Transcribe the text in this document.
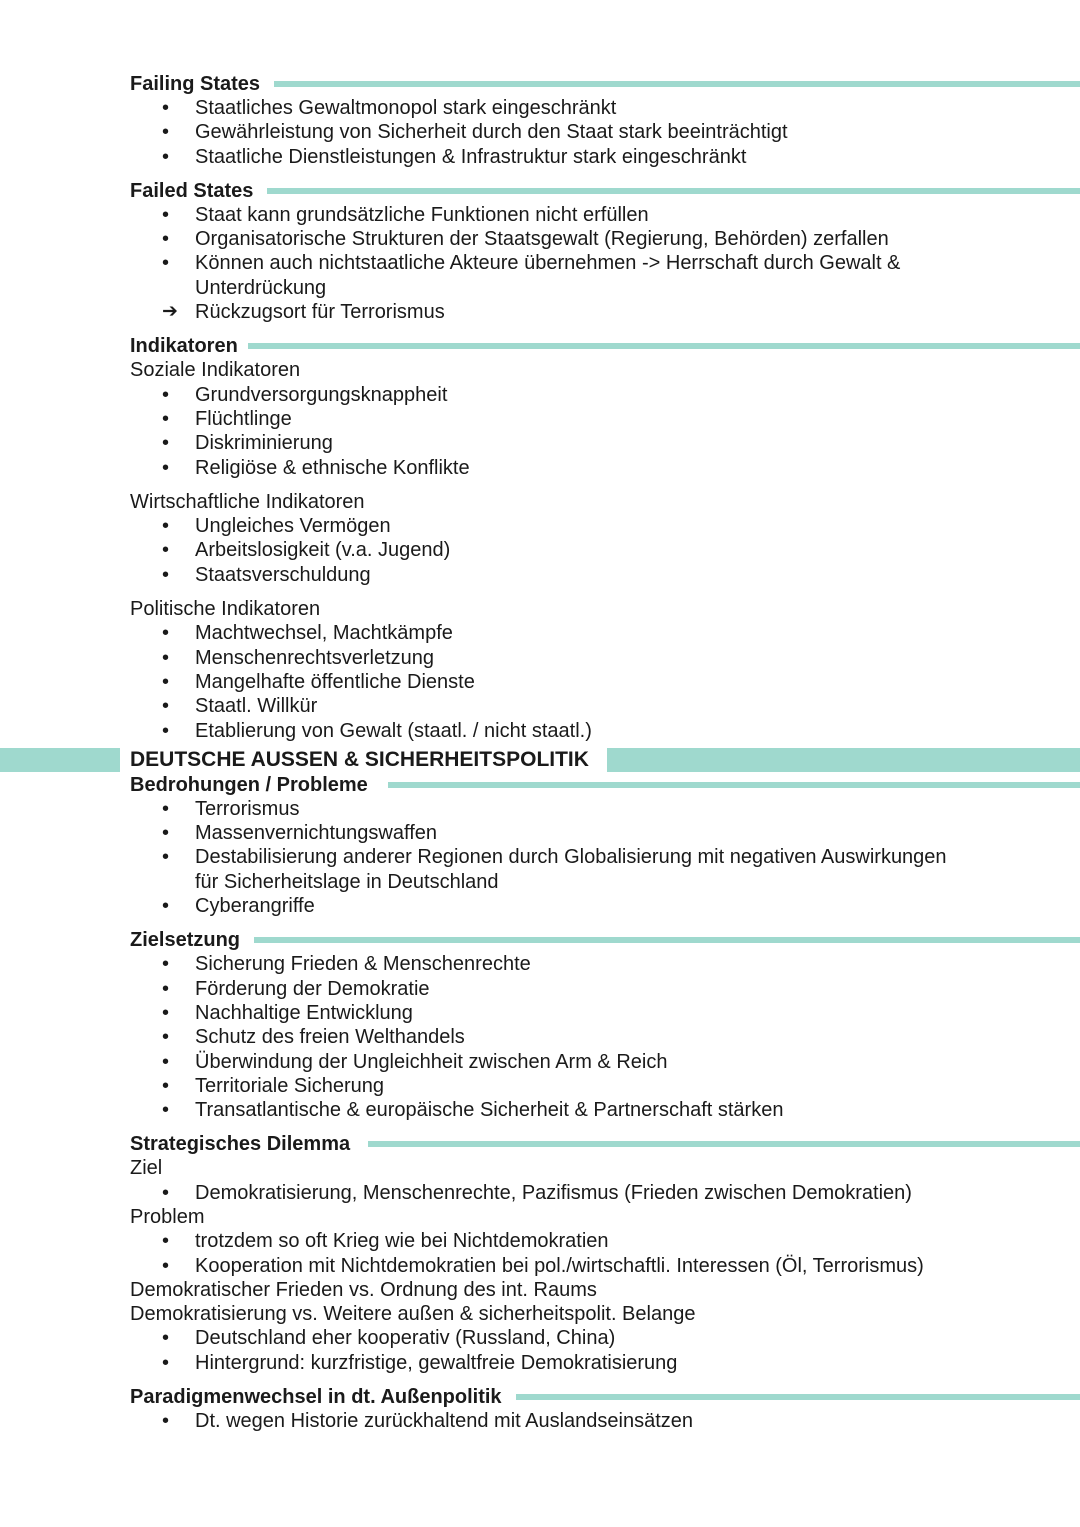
Failing States
• Staatliches Gewaltmonopol stark eingeschränkt
• Gewährleistung von Sicherheit durch den Staat stark beeinträchtigt
• Staatliche Dienstleistungen & Infrastruktur stark eingeschränkt
Failed States
• Staat kann grundsätzliche Funktionen nicht erfüllen
• Organisatorische Strukturen der Staatsgewalt (Regierung, Behörden) zerfallen
• Können auch nichtstaatliche Akteure übernehmen -> Herrschaft durch Gewalt & Unterdrückung
➔ Rückzugsort für Terrorismus
Indikatoren
Soziale Indikatoren
• Grundversorgungsknappheit
• Flüchtlinge
• Diskriminierung
• Religiöse & ethnische Konflikte
Wirtschaftliche Indikatoren
• Ungleiches Vermögen
• Arbeitslosigkeit (v.a. Jugend)
• Staatsverschuldung
Politische Indikatoren
• Machtwechsel, Machtkämpfe
• Menschenrechtsverletzung
• Mangelhafte öffentliche Dienste
• Staatl. Willkür
• Etablierung von Gewalt (staatl. / nicht staatl.)
DEUTSCHE AUSSEN & SICHERHEITSPOLITIK
Bedrohungen / Probleme
• Terrorismus
• Massenvernichtungswaffen
• Destabilisierung anderer Regionen durch Globalisierung mit negativen Auswirkungen für Sicherheitslage in Deutschland
• Cyberangriffe
Zielsetzung
• Sicherung Frieden & Menschenrechte
• Förderung der Demokratie
• Nachhaltige Entwicklung
• Schutz des freien Welthandels
• Überwindung der Ungleichheit zwischen Arm & Reich
• Territoriale Sicherung
• Transatlantische & europäische Sicherheit & Partnerschaft stärken
Strategisches Dilemma
Ziel
• Demokratisierung, Menschenrechte, Pazifismus (Frieden zwischen Demokratien)
Problem
• trotzdem so oft Krieg wie bei Nichtdemokratien
• Kooperation mit Nichtdemokratien bei pol./wirtschaftli. Interessen (Öl, Terrorismus)
Demokratischer Frieden vs. Ordnung des int. Raums
Demokratisierung vs. Weitere außen & sicherheitspolit. Belange
• Deutschland eher kooperativ (Russland, China)
• Hintergrund: kurzfristige, gewaltfreie Demokratisierung
Paradigmenwechsel in dt. Außenpolitik
• Dt. wegen Historie zurückhaltend mit Auslandseinsätzen
